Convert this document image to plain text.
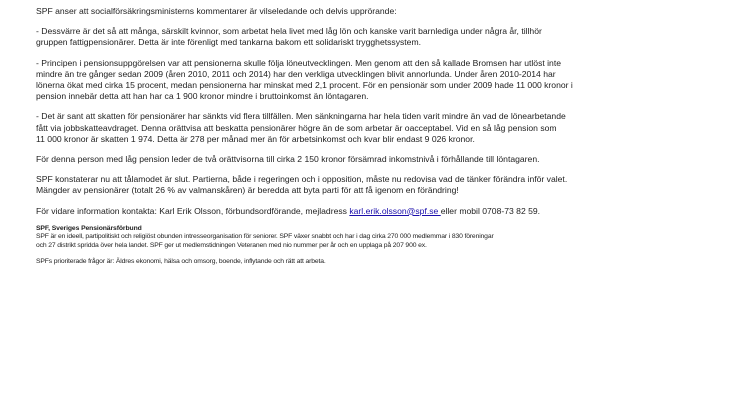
SPF anser att socialförsäkringsministerns kommentarer är vilseledande och delvis upprörande:

- Dessvärre är det så att många, särskilt kvinnor, som arbetat hela livet med låg lön och kanske varit barnlediga under några år, tillhör

gruppen fattigpensionärer. Detta är inte förenligt med tankarna bakom ett solidariskt trygghetssystem.

- Principen i pensionsuppgörelsen var att pensionerna skulle följa löneutvecklingen. Men genom att den så kallade Bromsen har utlöst inte

mindre än tre gånger sedan 2009 (åren 2010, 2011 och 2014) har den verkliga utvecklingen blivit annorlunda. Under åren 2010-2014 har

lönerna ökat med cirka 15 procent, medan pensionerna har minskat med 2,1 procent. För en pensionär som under 2009 hade 11 000 kronor i

pension innebär detta att han har ca 1 900 kronor mindre i bruttoinkomst än löntagaren.

- Det är sant att skatten för pensionärer har sänkts vid flera tillfällen. Men sänkningarna har hela tiden varit mindre än vad de lönearbetande

fått via jobbskatteavdraget. Denna orättvisa att beskatta pensionärer högre än de som arbetar är oacceptabel. Vid en så låg pension som

11 000 kronor är skatten 1 974. Detta är 278 per månad mer än för arbetsinkomst och kvar blir endast 9 026 kronor.

För denna person med låg pension leder de två orättvisorna till cirka 2 150 kronor försämrad inkomstnivå i förhållande till löntagaren.

SPF konstaterar nu att tålamodet är slut. Partierna, både i regeringen och i opposition, måste nu redovisa vad de tänker förändra inför valet.

Mängder av pensionärer (totalt 26 % av valmanskåren) är beredda att byta parti för att få igenom en förändring!

För vidare information kontakta: Karl Erik Olsson, förbundsordförande, mejladress karl.erik.olsson@spf.se eller mobil 0708-73 82 59.

SPF, Sveriges Pensionärsförbund
SPF är en ideell, partipolitiskt och religiöst obunden intresseorganisation för seniorer. SPF växer snabbt och har i dag cirka 270 000 medlemmar i 830 föreningar
och 27 distrikt spridda över hela landet. SPF ger ut medlemstidningen Veteranen med nio nummer per år och en upplaga på 207 900 ex.
SPFs prioriterade frågor är: Äldres ekonomi, hälsa och omsorg, boende, inflytande och rätt att arbeta.
